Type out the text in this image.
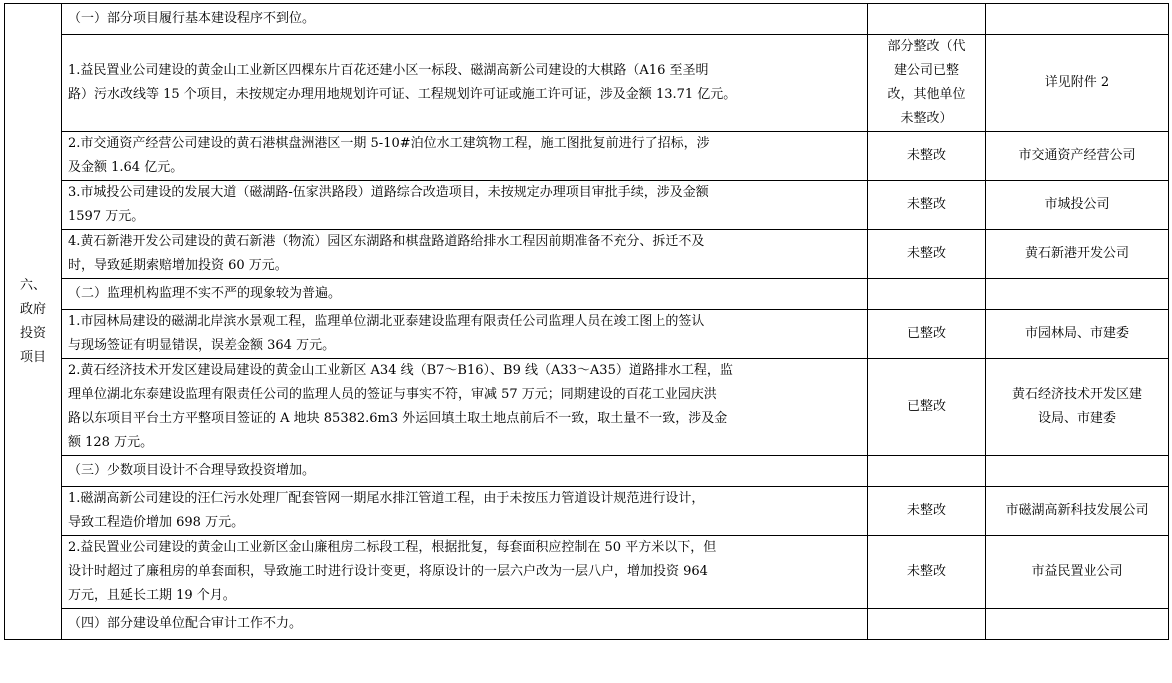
六、
政府
投资
项目	（一）部分项目履行基本建设程序不到位。		
	1.益民置业公司建设的黄金山工业新区四棵东片百花还建小区一标段、磁湖高新公司建设的大棋路（A16 至圣明
路）污水改线等 15 个项目，未按规定办理用地规划许可证、工程规划许可证或施工许可证，涉及金额 13.71 亿元。	部分整改（代
建公司已整
改，其他单位
未整改）	详见附件 2
	2.市交通资产经营公司建设的黄石港棋盘洲港区一期 5-10#泊位水工建筑物工程，施工图批复前进行了招标，涉
及金额 1.64 亿元。	未整改	市交通资产经营公司
	3.市城投公司建设的发展大道（磁湖路-伍家洪路段）道路综合改造项目，未按规定办理项目审批手续，涉及金额
1597 万元。	未整改	市城投公司
	4.黄石新港开发公司建设的黄石新港（物流）园区东湖路和棋盘路道路给排水工程因前期准备不充分、拆迁不及
时，导致延期索赔增加投资 60 万元。	未整改	黄石新港开发公司
	（二）监理机构监理不实不严的现象较为普遍。		
	1.市园林局建设的磁湖北岸滨水景观工程，监理单位湖北亚泰建设监理有限责任公司监理人员在竣工图上的签认
与现场签证有明显错误，误差金额 364 万元。	已整改	市园林局、市建委
	2.黄石经济技术开发区建设局建设的黄金山工业新区 A34 线（B7～B16）、B9 线（A33～A35）道路排水工程，监
理单位湖北东泰建设监理有限责任公司的监理人员的签证与事实不符，审减 57 万元；同期建设的百花工业园庆洪
路以东项目平台土方平整项目签证的 A 地块 85382.6m3 外运回填土取土地点前后不一致，取土量不一致，涉及金
额 128 万元。	已整改	黄石经济技术开发区建
设局、市建委
	（三）少数项目设计不合理导致投资增加。		
	1.磁湖高新公司建设的汪仁污水处理厂配套管网一期尾水排江管道工程，由于未按压力管道设计规范进行设计，
导致工程造价增加 698 万元。	未整改	市磁湖高新科技发展公司
	2.益民置业公司建设的黄金山工业新区金山廉租房二标段工程，根据批复，每套面积应控制在 50 平方米以下，但
设计时超过了廉租房的单套面积，导致施工时进行设计变更，将原设计的一层六户改为一层八户，增加投资 964
万元，且延长工期 19 个月。	未整改	市益民置业公司
	（四）部分建设单位配合审计工作不力。		
